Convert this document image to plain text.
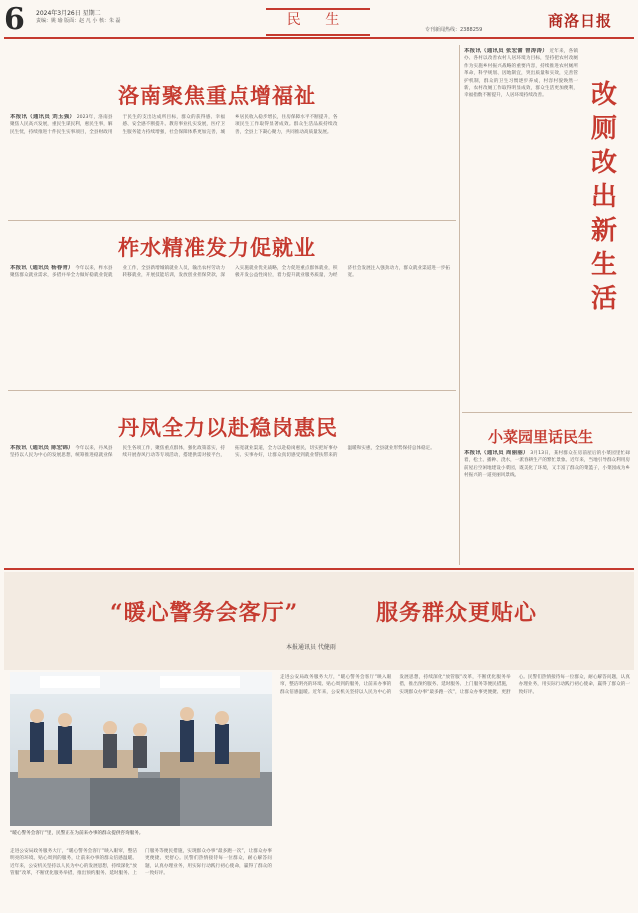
6 2024年3月26日 星期二
责编：姚 瑜 版面：赵 凡 小 核：朱 磊	民 生
专刊新闻热线：2388259	商洛日报
洛南聚焦重点增福祉
本报讯（通讯员 刘玉强） 2023年，洛南县聚焦人民高兴发展，重民生谋民利，惠民生事，解民生忧，持续推进十件民生实事项目，全县财政用于民生的支出达成所目标，群众的获得感、幸福感、安全感不断提升。教育事业扎实发展，医疗卫生服务能力持续增强，社会保障体系更加完善，城乡居民收入稳步增长，住房保障水平不断提升，各项民生工作取得显著成效。群众生活品质持续改善，全县上下凝心聚力，共同推动高质量发展。
柞水精准发力促就业
本报讯（通讯员 杨春青） 今年以来，柞水县聚焦群众就业需求，多措并举全力做好稳就业促就业工作，全县新增城镇就业人员，输出农村劳动力转移就业，开展技能培训，发放创业担保贷款，深入实施就业优先战略，全力促进重点群体就业，积极开发公益性岗位，着力提升就业服务质量，为经济社会发展注入强劲动力，群众就业渠道进一步拓宽。
丹凤全力以赴稳岗惠民
本报讯（通讯员 陈宏锦） 今年以来，丹凤县坚持以人民为中心的发展思想，统筹推进稳就业保民生各项工作，聚焦重点群体，强化政策落实，持续开展春风行动等专项活动，搭建供需对接平台，拓宽就业渠道，全力以赴稳岗惠民，切实把好事办实、实事办好，让群众真切感受到就业帮扶带来的温暖和实惠，全县就业形势保持总体稳定。
本报讯（通讯员 张宏蕾 曾涛涛） 近年来，各镇办、各村以改善农村人居环境为目标，坚持把农村改厕作为实施乡村振兴战略的重要内容，持续推进农村厕所革命，科学规划、因地制宜，突出质量和实效，完善管护机制，群众的卫生习惯逐步养成，村容村貌焕然一新，农村改厕工作取得明显成效，群众生活更加便利，幸福指数不断提升，人居环境持续改善。	改厕改出新生活
小菜园里话民生
本报讯（通讯员 周丽丽） 3月13日，某村群众在房前屋后的小菜园里忙碌着，松土、播种、浇水，一派春耕生产的繁忙景象。近年来，当地引导群众利用房前屋后空闲地建设小菜园，既美化了环境，又丰富了群众的菜篮子，小菜园成为乡村振兴的一道亮丽风景线。
“暖心警务会客厅”	服务群众更贴心
本报通讯员 代健雨
“暖心警务会客厅”里，民警正在为前来办事的群众提供咨询服务。
走进公安局政务服务大厅，“暖心警务会客厅”映入眼帘，整洁明亮的环境、贴心周到的服务，让前来办事的群众倍感温暖。近年来，公安机关坚持以人民为中心的发展思想，持续深化“放管服”改革，不断优化服务举措，推出预约服务、延时服务、上门服务等便民措施，实现群众办事“最多跑一次”，让群众办事更便捷、更舒心。民警们热情接待每一位群众，耐心解答问题，认真办理业务，用实际行动践行初心使命，赢得了群众的一致好评。
走进公安局政务服务大厅，“暖心警务会客厅”映入眼帘，整洁明亮的环境、贴心周到的服务，让前来办事的群众倍感温暖。近年来，公安机关坚持以人民为中心的发展思想，持续深化“放管服”改革，不断优化服务举措，推出预约服务、延时服务、上门服务等便民措施，实现群众办事“最多跑一次”，让群众办事更便捷、更舒心。民警们热情接待每一位群众，耐心解答问题，认真办理业务，用实际行动践行初心使命，赢得了群众的一致好评。
